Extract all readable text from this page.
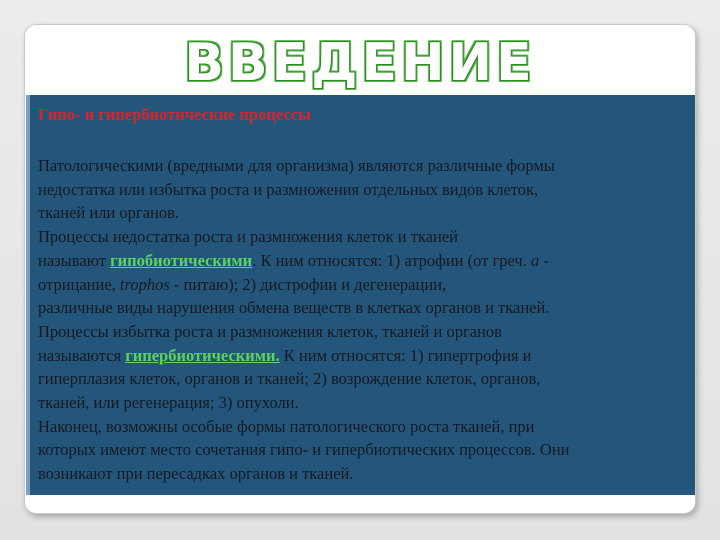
ВВЕДЕНИЕ
Гипо- и гипербиотические процессы
Патологическими (вредными для организма) являются различные формы
недостатка или избытка роста и размножения отдельных видов клеток,
тканей или органов.
Процессы недостатка роста и размножения клеток и тканей
называют гипобиотическими. К ним относятся: 1) атрофии (от греч. a -
отрицание, trophos - питаю); 2) дистрофии и дегенерации,
различные виды нарушения обмена веществ в клетках органов и тканей.
Процессы избытка роста и размножения клеток, тканей и органов
называются гипербиотическими. К ним относятся: 1) гипертрофия и
гиперплазия клеток, органов и тканей; 2) возрождение клеток, органов,
тканей, или регенерация; 3) опухоли.
Наконец, возможны особые формы патологического роста тканей, при
которых имеют место сочетания гипо- и гипербиотических процессов. Они
возникают при пересадках органов и тканей.
